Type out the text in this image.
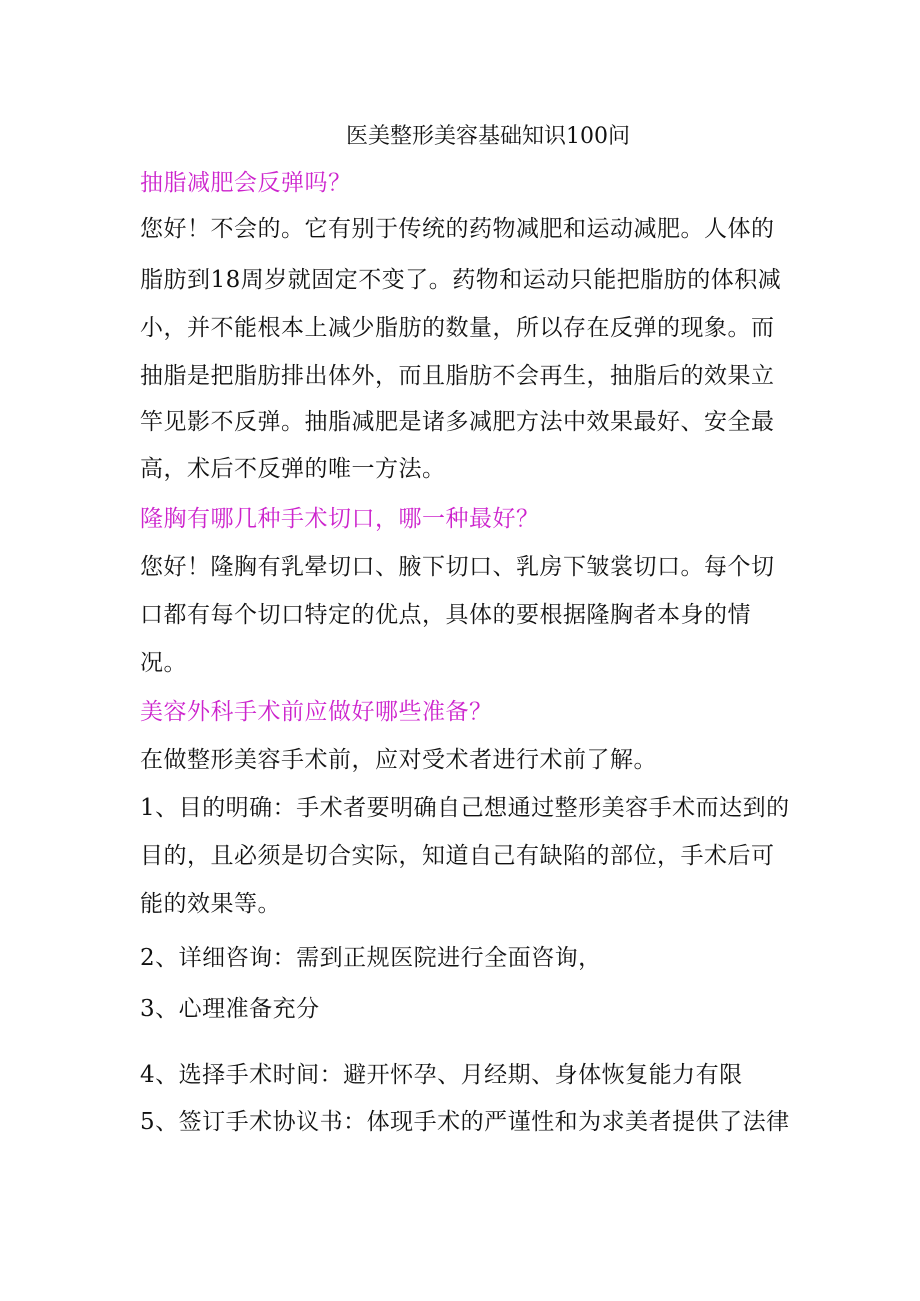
医美整形美容基础知识100问
抽脂减肥会反弹吗？
您好！不会的。它有别于传统的药物减肥和运动减肥。人体的
脂肪到18周岁就固定不变了。药物和运动只能把脂肪的体积减
小，并不能根本上减少脂肪的数量，所以存在反弹的现象。而
抽脂是把脂肪排出体外，而且脂肪不会再生，抽脂后的效果立
竿见影不反弹。抽脂减肥是诸多减肥方法中效果最好、安全最
高，术后不反弹的唯一方法。
隆胸有哪几种手术切口，哪一种最好？
您好！隆胸有乳晕切口、腋下切口、乳房下皱裳切口。每个切
口都有每个切口特定的优点，具体的要根据隆胸者本身的情
况。
美容外科手术前应做好哪些准备？
在做整形美容手术前，应对受术者进行术前了解。
1、目的明确：手术者要明确自己想通过整形美容手术而达到的
目的，且必须是切合实际，知道自己有缺陷的部位，手术后可
能的效果等。
2、详细咨询：需到正规医院进行全面咨询，
3、心理准备充分
4、选择手术时间：避开怀孕、月经期、身体恢复能力有限
5、签订手术协议书：体现手术的严谨性和为求美者提供了法律
